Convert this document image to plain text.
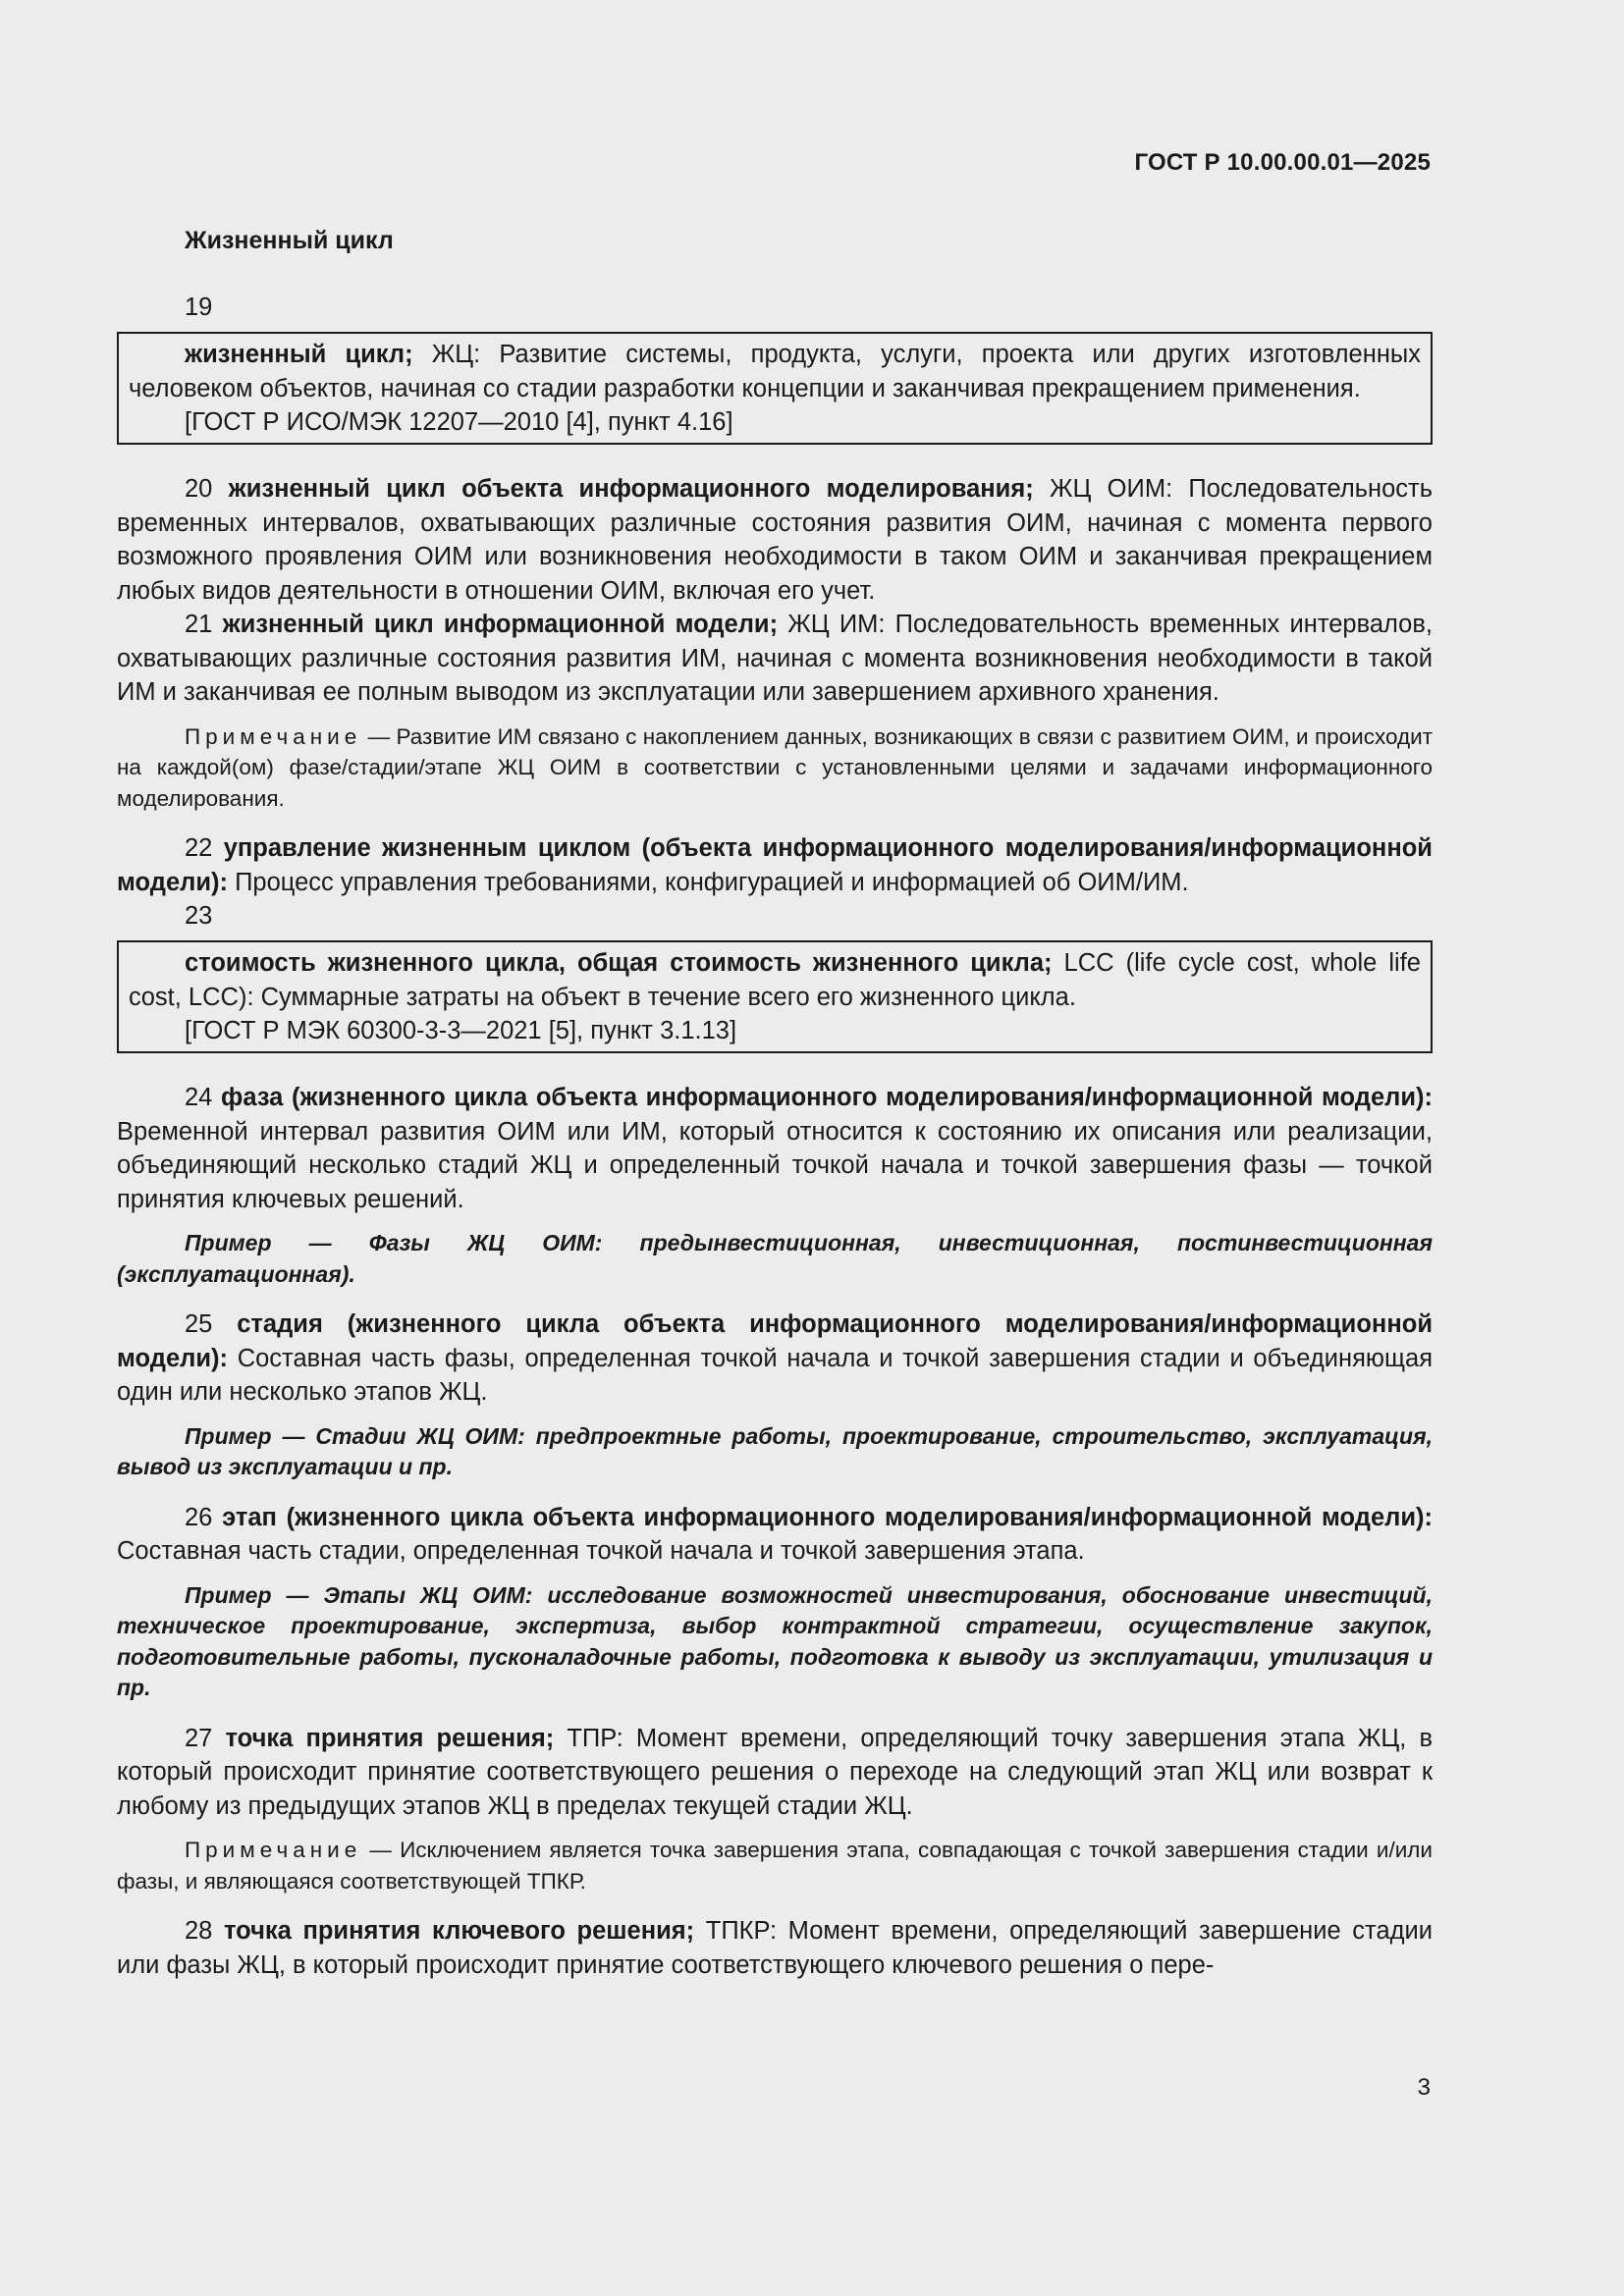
ГОСТ Р 10.00.00.01—2025
Жизненный цикл
19

жизненный цикл; ЖЦ: Развитие системы, продукта, услуги, проекта или других изготовленных человеком объектов, начиная со стадии разработки концепции и заканчивая прекращением применения.

[ГОСТ Р ИСО/МЭК 12207—2010 [4], пункт 4.16]

20 жизненный цикл объекта информационного моделирования; ЖЦ ОИМ: Последовательность временных интервалов, охватывающих различные состояния развития ОИМ, начиная с момента первого возможного проявления ОИМ или возникновения необходимости в таком ОИМ и заканчивая прекращением любых видов деятельности в отношении ОИМ, включая его учет.

21 жизненный цикл информационной модели; ЖЦ ИМ: Последовательность временных интервалов, охватывающих различные состояния развития ИМ, начиная с момента возникновения необходимости в такой ИМ и заканчивая ее полным выводом из эксплуатации или завершением архивного хранения.

Примечание — Развитие ИМ связано с накоплением данных, возникающих в связи с развитием ОИМ, и происходит на каждой(ом) фазе/стадии/этапе ЖЦ ОИМ в соответствии с установленными целями и задачами информационного моделирования.

22 управление жизненным циклом (объекта информационного моделирования/информационной модели): Процесс управления требованиями, конфигурацией и информацией об ОИМ/ИМ.

23

стоимость жизненного цикла, общая стоимость жизненного цикла; LCC (life cycle cost, whole life cost, LCC): Суммарные затраты на объект в течение всего его жизненного цикла.

[ГОСТ Р МЭК 60300-3-3—2021 [5], пункт 3.1.13]

24 фаза (жизненного цикла объекта информационного моделирования/информационной модели): Временной интервал развития ОИМ или ИМ, который относится к состоянию их описания или реализации, объединяющий несколько стадий ЖЦ и определенный точкой начала и точкой завершения фазы — точкой принятия ключевых решений.

Пример — Фазы ЖЦ ОИМ: предынвестиционная, инвестиционная, постинвестиционная (эксплуатационная).

25 стадия (жизненного цикла объекта информационного моделирования/информационной модели): Составная часть фазы, определенная точкой начала и точкой завершения стадии и объединяющая один или несколько этапов ЖЦ.

Пример — Стадии ЖЦ ОИМ: предпроектные работы, проектирование, строительство, эксплуатация, вывод из эксплуатации и пр.

26 этап (жизненного цикла объекта информационного моделирования/информационной модели): Составная часть стадии, определенная точкой начала и точкой завершения этапа.

Пример — Этапы ЖЦ ОИМ: исследование возможностей инвестирования, обоснование инвестиций, техническое проектирование, экспертиза, выбор контрактной стратегии, осуществление закупок, подготовительные работы, пусконаладочные работы, подготовка к выводу из эксплуатации, утилизация и пр.

27 точка принятия решения; ТПР: Момент времени, определяющий точку завершения этапа ЖЦ, в который происходит принятие соответствующего решения о переходе на следующий этап ЖЦ или возврат к любому из предыдущих этапов ЖЦ в пределах текущей стадии ЖЦ.

Примечание — Исключением является точка завершения этапа, совпадающая с точкой завершения стадии и/или фазы, и являющаяся соответствующей ТПКР.

28 точка принятия ключевого решения; ТПКР: Момент времени, определяющий завершение стадии или фазы ЖЦ, в который происходит принятие соответствующего ключевого решения о пере-

3
